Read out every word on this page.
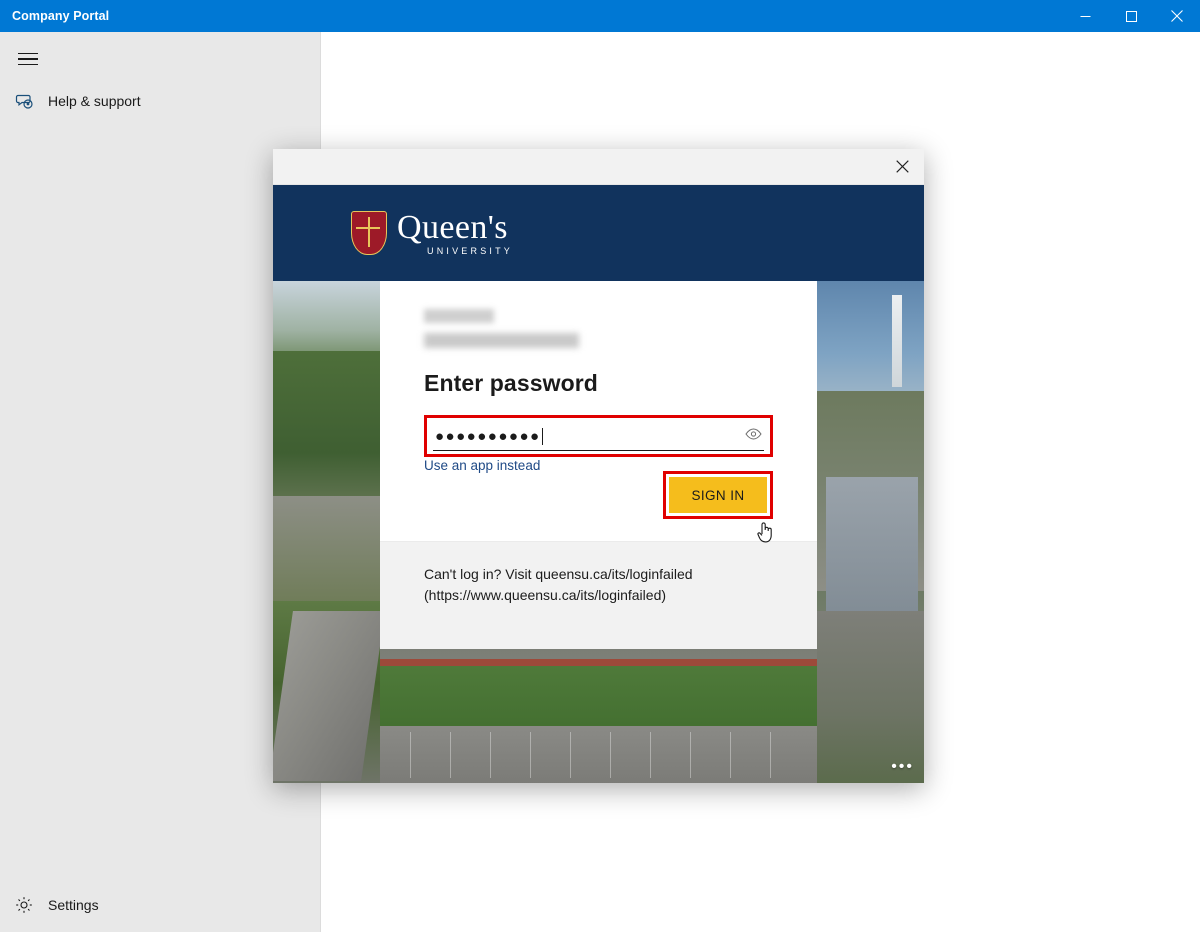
Company Portal
Help & support
Settings
Queen's
UNIVERSITY
•••
Enter password
●●●●●●●●●●
Use an app instead
SIGN IN
Can't log in? Visit queensu.ca/its/loginfailed
(https://www.queensu.ca/its/loginfailed)
